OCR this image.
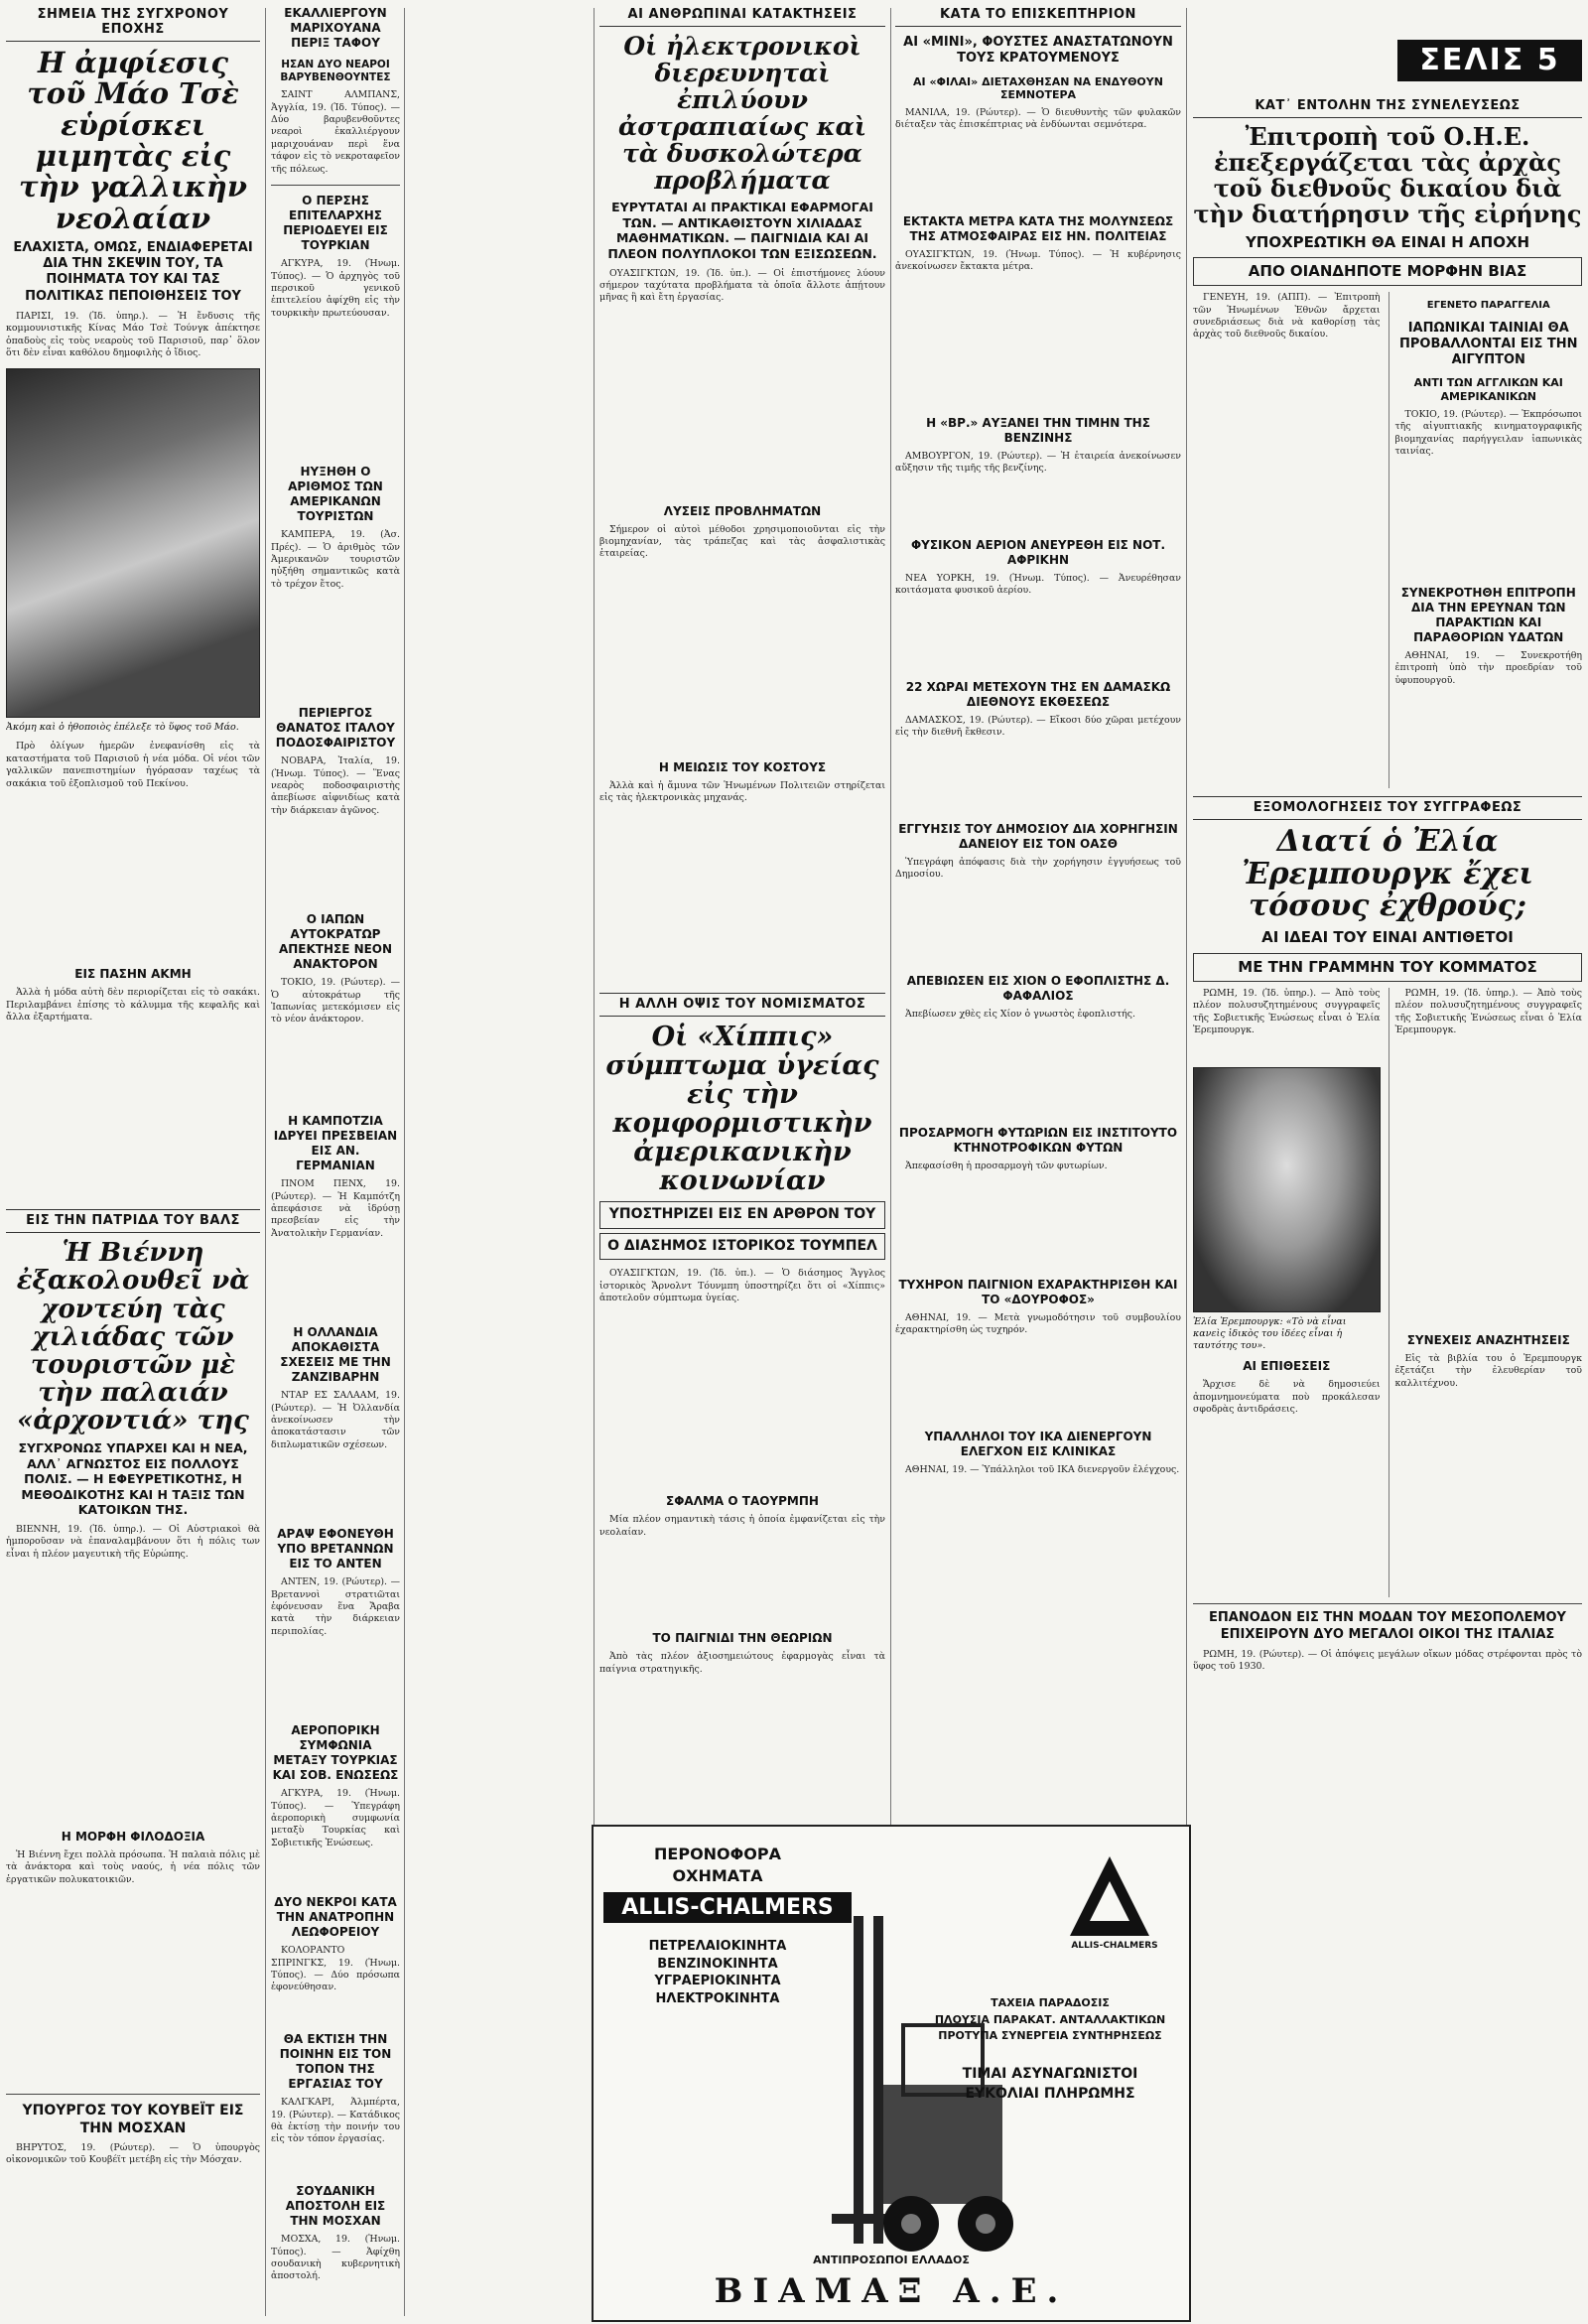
ΣΗΜΕΙΑ ΤΗΣ ΣΥΓΧΡΟΝΟΥ ΕΠΟΧΗΣ
Η ἀμφίεσις τοῦ Μάο Τσὲ εὑρίσκει μιμητὰς εἰς τὴν γαλλικὴν νεολαίαν
ΕΛΑΧΙΣΤΑ, ΟΜΩΣ, ΕΝΔΙΑΦΕΡΕΤΑΙ ΔΙΑ ΤΗΝ ΣΚΕΨΙΝ ΤΟΥ, ΤΑ ΠΟΙΗΜΑΤΑ ΤΟΥ ΚΑΙ ΤΑΣ ΠΟΛΙΤΙΚΑΣ ΠΕΠΟΙΘΗΣΕΙΣ ΤΟΥ

ΠΑΡΙΣΙ, 19. (Ἰδ. ὑπηρ.). — Ἡ ἔνδυσις τῆς κομμουνιστικῆς Κίνας Μάο Τσὲ Τούνγκ ἀπέκτησε ὀπαδοὺς εἰς τοὺς νεαροὺς τοῦ Παρισιοῦ, παρ᾽ ὅλον ὅτι δὲν εἶναι καθόλου δημοφιλὴς ὁ ἴδιος.

Ἀκόμη καὶ ὁ ἠθοποιὸς ἐπέλεξε τὸ ὕφος τοῦ Μάο.

Πρὸ ὀλίγων ἡμερῶν ἐνεφανίσθη εἰς τὰ καταστήματα τοῦ Παρισιοῦ ἡ νέα μόδα. Οἱ νέοι τῶν γαλλικῶν πανεπιστημίων ἠγόρασαν ταχέως τὰ σακάκια τοῦ ἐξοπλισμοῦ τοῦ Πεκίνου.

ΕΙΣ ΠΑΣΗΝ ΑΚΜΗ

Ἀλλὰ ἡ μόδα αὐτὴ δὲν περιορίζεται εἰς τὸ σακάκι. Περιλαμβάνει ἐπίσης τὸ κάλυμμα τῆς κεφαλῆς καὶ ἄλλα ἐξαρτήματα.

ΕΙΣ ΤΗΝ ΠΑΤΡΙΔΑ ΤΟΥ ΒΑΛΣ
Ἡ Βιέννη ἐξακολουθεῖ νὰ χοντεύη τὰς χιλιάδας τῶν τουριστῶν μὲ τὴν παλαιάν «ἀρχοντιά» της
ΣΥΓΧΡΟΝΩΣ ΥΠΑΡΧΕΙ ΚΑΙ Η ΝΕΑ, ΑΛΛ᾽ ΑΓΝΩΣΤΟΣ ΕΙΣ ΠΟΛΛΟΥΣ ΠΟΛΙΣ. — Η ΕΦΕΥΡΕΤΙΚΟΤΗΣ, Η ΜΕΘΟΔΙΚΟΤΗΣ ΚΑΙ Η ΤΑΞΙΣ ΤΩΝ ΚΑΤΟΙΚΩΝ ΤΗΣ.

ΒΙΕΝΝΗ, 19. (Ἰδ. ὑπηρ.). — Οἱ Αὐστριακοὶ θὰ ἠμποροῦσαν νὰ ἐπαναλαμβάνουν ὅτι ἡ πόλις των εἶναι ἡ πλέον μαγευτικὴ τῆς Εὐρώπης.

Η ΜΟΡΦΗ ΦΙΛΟΔΟΞΙΑ

Ἡ Βιέννη ἔχει πολλὰ πρόσωπα. Ἡ παλαιὰ πόλις μὲ τὰ ἀνάκτορα καὶ τοὺς ναούς, ἡ νέα πόλις τῶν ἐργατικῶν πολυκατοικιῶν.

ΥΠΟΥΡΓΟΣ ΤΟΥ ΚΟΥΒΕΪΤ ΕΙΣ ΤΗΝ ΜΟΣΧΑΝ

ΒΗΡΥΤΟΣ, 19. (Ρώυτερ). — Ὁ ὑπουργὸς οἰκονομικῶν τοῦ Κουβέϊτ μετέβη εἰς τὴν Μόσχαν.

ΕΚΑΛΛΙΕΡΓΟΥΝ ΜΑΡΙΧΟΥΑΝΑ ΠΕΡΙΞ ΤΑΦΟΥ
ΗΣΑΝ ΔΥΟ ΝΕΑΡΟΙ ΒΑΡΥΒΕΝΘΟΥΝΤΕΣ

ΣΑΙΝΤ ΑΛΜΠΑΝΣ, Ἀγγλία, 19. (Ἰδ. Τύπος). — Δύο βαρυβενθοῦντες νεαροὶ ἐκαλλιέργουν μαριχουάναν περὶ ἕνα τάφον εἰς τὸ νεκροταφεῖον τῆς πόλεως.

Ο ΠΕΡΣΗΣ ΕΠΙΤΕΛΑΡΧΗΣ ΠΕΡΙΟΔΕΥΕΙ ΕΙΣ ΤΟΥΡΚΙΑΝ

ΑΓΚΥΡΑ, 19. (Ἠνωμ. Τύπος). — Ὁ ἀρχηγὸς τοῦ περσικοῦ γενικοῦ ἐπιτελείου ἀφίχθη εἰς τὴν τουρκικὴν πρωτεύουσαν.

ΗΥΞΗΘΗ Ο ΑΡΙΘΜΟΣ ΤΩΝ ΑΜΕΡΙΚΑΝΩΝ ΤΟΥΡΙΣΤΩΝ

ΚΑΜΠΕΡΑ, 19. (Ἀσ. Πρές). — Ὁ ἀριθμὸς τῶν Ἀμερικανῶν τουριστῶν ηὐξήθη σημαντικῶς κατὰ τὸ τρέχον ἔτος.

ΠΕΡΙΕΡΓΟΣ ΘΑΝΑΤΟΣ ΙΤΑΛΟΥ ΠΟΔΟΣΦΑΙΡΙΣΤΟΥ

ΝΟΒΑΡΑ, Ἰταλία, 19. (Ἠνωμ. Τύπος). — Ἕνας νεαρὸς ποδοσφαιριστὴς ἀπεβίωσε αἰφνιδίως κατὰ τὴν διάρκειαν ἀγῶνος.

Ο ΙΑΠΩΝ ΑΥΤΟΚΡΑΤΩΡ ΑΠΕΚΤΗΣΕ ΝΕΟΝ ΑΝΑΚΤΟΡΟΝ

ΤΟΚΙΟ, 19. (Ρώυτερ). — Ὁ αὐτοκράτωρ τῆς Ἰαπωνίας μετεκόμισεν εἰς τὸ νέον ἀνάκτορον.

Η ΚΑΜΠΟΤΖΙΑ ΙΔΡΥΕΙ ΠΡΕΣΒΕΙΑΝ ΕΙΣ ΑΝ. ΓΕΡΜΑΝΙΑΝ

ΠΝΟΜ ΠΕΝΧ, 19. (Ρώυτερ). — Ἡ Καμπότζη ἀπεφάσισε νὰ ἱδρύσῃ πρεσβείαν εἰς τὴν Ἀνατολικὴν Γερμανίαν.

Η ΟΛΛΑΝΔΙΑ ΑΠΟΚΑΘΙΣΤΑ ΣΧΕΣΕΙΣ ΜΕ ΤΗΝ ΖΑΝΖΙΒΑΡΗΝ

ΝΤΑΡ ΕΣ ΣΑΛΑΑΜ, 19. (Ρώυτερ). — Ἡ Ὀλλανδία ἀνεκοίνωσεν τὴν ἀποκατάστασιν τῶν διπλωματικῶν σχέσεων.

ΑΡΑΨ ΕΦΟΝΕΥΘΗ ΥΠΟ ΒΡΕΤΑΝΝΩΝ ΕΙΣ ΤΟ ΑΝΤΕΝ

ΑΝΤΕΝ, 19. (Ρώυτερ). — Βρεταννοὶ στρατιῶται ἐφόνευσαν ἕνα Ἄραβα κατὰ τὴν διάρκειαν περιπολίας.

ΑΕΡΟΠΟΡΙΚΗ ΣΥΜΦΩΝΙΑ ΜΕΤΑΞΥ ΤΟΥΡΚΙΑΣ ΚΑΙ ΣΟΒ. ΕΝΩΣΕΩΣ

ΑΓΚΥΡΑ, 19. (Ἠνωμ. Τύπος). — Ὑπεγράφη ἀεροπορικὴ συμφωνία μεταξὺ Τουρκίας καὶ Σοβιετικῆς Ἑνώσεως.

ΔΥΟ ΝΕΚΡΟΙ ΚΑΤΑ ΤΗΝ ΑΝΑΤΡΟΠΗΝ ΛΕΩΦΟΡΕΙΟΥ

ΚΟΛΟΡΑΝΤΟ ΣΠΡΙΝΓΚΣ, 19. (Ἠνωμ. Τύπος). — Δύο πρόσωπα ἐφονεύθησαν.

ΘΑ ΕΚΤΙΣΗ ΤΗΝ ΠΟΙΝΗΝ ΕΙΣ ΤΟΝ ΤΟΠΟΝ ΤΗΣ ΕΡΓΑΣΙΑΣ ΤΟΥ

ΚΑΛΓΚΑΡΙ, Ἀλμπέρτα, 19. (Ρώυτερ). — Κατάδικος θὰ ἐκτίσῃ τὴν ποινήν του εἰς τὸν τόπον ἐργασίας.

ΣΟΥΔΑΝΙΚΗ ΑΠΟΣΤΟΛΗ ΕΙΣ ΤΗΝ ΜΟΣΧΑΝ

ΜΟΣΧΑ, 19. (Ἠνωμ. Τύπος). — Ἀφίχθη σουδανικὴ κυβερνητικὴ ἀποστολή.

ΑΙ ΑΝΘΡΩΠΙΝΑΙ ΚΑΤΑΚΤΗΣΕΙΣ
Οἱ ἠλεκτρονικοὶ διερευνηταὶ ἐπιλύουν ἀστραπιαίως καὶ τὰ δυσκολώτερα προβλήματα
ΕΥΡΥΤΑΤΑΙ ΑΙ ΠΡΑΚΤΙΚΑΙ ΕΦΑΡΜΟΓΑΙ ΤΩΝ. — ΑΝΤΙΚΑΘΙΣΤΟΥΝ ΧΙΛΙΑΔΑΣ ΜΑΘΗΜΑΤΙΚΩΝ. — ΠΑΙΓΝΙΔΙΑ ΚΑΙ ΑΙ ΠΛΕΟΝ ΠΟΛΥΠΛΟΚΟΙ ΤΩΝ ΕΞΙΣΩΣΕΩΝ.

ΟΥΑΣΙΓΚΤΩΝ, 19. (Ἰδ. ὑπ.). — Οἱ ἐπιστήμονες λύουν σήμερον ταχύτατα προβλήματα τὰ ὁποῖα ἄλλοτε ἀπῄτουν μῆνας ἢ καὶ ἔτη ἐργασίας.

ΛΥΣΕΙΣ ΠΡΟΒΛΗΜΑΤΩΝ

Σήμερον οἱ αὐτοὶ μέθοδοι χρησιμοποιοῦνται εἰς τὴν βιομηχανίαν, τὰς τράπεζας καὶ τὰς ἀσφαλιστικὰς ἑταιρείας.

Η ΜΕΙΩΣΙΣ ΤΟΥ ΚΟΣΤΟΥΣ

Ἀλλὰ καὶ ἡ ἄμυνα τῶν Ἡνωμένων Πολιτειῶν στηρίζεται εἰς τὰς ἠλεκτρονικὰς μηχανάς.

Η ΑΛΛΗ ΟΨΙΣ ΤΟΥ ΝΟΜΙΣΜΑΤΟΣ
Οἱ «Χίππις» σύμπτωμα ὑγείας εἰς τὴν κομφορμιστικὴν ἀμερικανικὴν κοινωνίαν
ΥΠΟΣΤΗΡΙΖΕΙ ΕΙΣ ΕΝ ΑΡΘΡΟΝ ΤΟΥ
Ο ΔΙΑΣΗΜΟΣ ΙΣΤΟΡΙΚΟΣ ΤΟΥΜΠΕΛ

ΟΥΑΣΙΓΚΤΩΝ, 19. (Ἰδ. ὑπ.). — Ὁ διάσημος Ἄγγλος ἱστορικὸς Ἄρνολντ Τόυνμπη ὑποστηρίζει ὅτι οἱ «Χίππις» ἀποτελοῦν σύμπτωμα ὑγείας.

ΣΦΑΛΜΑ Ο ΤΑΟΥΡΜΠΗ

Μία πλέον σημαντικὴ τάσις ἡ ὁποία ἐμφανίζεται εἰς τὴν νεολαίαν.

ΤΟ ΠΑΙΓΝΙΔΙ ΤΗΝ ΘΕΩΡΙΩΝ

Ἀπὸ τὰς πλέον ἀξιοσημειώτους ἐφαρμογὰς εἶναι τὰ παίγνια στρατηγικῆς.

ΚΑΤΑ ΤΟ ΕΠΙΣΚΕΠΤΗΡΙΟΝ
ΑΙ «ΜΙΝΙ», ΦΟΥΣΤΕΣ ΑΝΑΣΤΑΤΩΝΟΥΝ ΤΟΥΣ ΚΡΑΤΟΥΜΕΝΟΥΣ
ΑΙ «ΦΙΛΑΙ» ΔΙΕΤΑΧΘΗΣΑΝ ΝΑ ΕΝΔΥΘΟΥΝ ΣΕΜΝΟΤΕΡΑ

ΜΑΝΙΛΑ, 19. (Ρώυτερ). — Ὁ διευθυντὴς τῶν φυλακῶν διέταξεν τὰς ἐπισκέπτριας νὰ ἐνδύωνται σεμνότερα.

ΕΚΤΑΚΤΑ ΜΕΤΡΑ ΚΑΤΑ ΤΗΣ ΜΟΛΥΝΣΕΩΣ ΤΗΣ ΑΤΜΟΣΦΑΙΡΑΣ ΕΙΣ ΗΝ. ΠΟΛΙΤΕΙΑΣ

ΟΥΑΣΙΓΚΤΩΝ, 19. (Ἠνωμ. Τύπος). — Ἡ κυβέρνησις ἀνεκοίνωσεν ἔκτακτα μέτρα.

Η «ΒΡ.» ΑΥΞΑΝΕΙ ΤΗΝ ΤΙΜΗΝ ΤΗΣ ΒΕΝΖΙΝΗΣ

ΑΜΒΟΥΡΓΟΝ, 19. (Ρώυτερ). — Ἡ ἑταιρεία ἀνεκοίνωσεν αὔξησιν τῆς τιμῆς τῆς βενζίνης.

ΦΥΣΙΚΟΝ ΑΕΡΙΟΝ ΑΝΕΥΡΕΘΗ ΕΙΣ ΝΟΤ. ΑΦΡΙΚΗΝ

ΝΕΑ ΥΟΡΚΗ, 19. (Ἠνωμ. Τύπος). — Ἀνευρέθησαν κοιτάσματα φυσικοῦ ἀερίου.

22 ΧΩΡΑΙ ΜΕΤΕΧΟΥΝ ΤΗΣ ΕΝ ΔΑΜΑΣΚΩ ΔΙΕΘΝΟΥΣ ΕΚΘΕΣΕΩΣ

ΔΑΜΑΣΚΟΣ, 19. (Ρώυτερ). — Εἴκοσι δύο χῶραι μετέχουν εἰς τὴν διεθνῆ ἔκθεσιν.

ΕΓΓΥΗΣΙΣ ΤΟΥ ΔΗΜΟΣΙΟΥ ΔΙΑ ΧΟΡΗΓΗΣΙΝ ΔΑΝΕΙΟΥ ΕΙΣ ΤΟΝ ΟΑΣΘ

Ὑπεγράφη ἀπόφασις διὰ τὴν χορήγησιν ἐγγυήσεως τοῦ Δημοσίου.

ΑΠΕΒΙΩΣΕΝ ΕΙΣ ΧΙΟΝ Ο ΕΦΟΠΛΙΣΤΗΣ Δ. ΦΑΦΑΛΙΟΣ

Ἀπεβίωσεν χθὲς εἰς Χίον ὁ γνωστὸς ἐφοπλιστής.

ΠΡΟΣΑΡΜΟΓΗ ΦΥΤΩΡΙΩΝ ΕΙΣ ΙΝΣΤΙΤΟΥΤΟ ΚΤΗΝΟΤΡΟΦΙΚΩΝ ΦΥΤΩΝ

Ἀπεφασίσθη ἡ προσαρμογὴ τῶν φυτωρίων.

ΤΥΧΗΡΟΝ ΠΑΙΓΝΙΟΝ ΕΧΑΡΑΚΤΗΡΙΣΘΗ ΚΑΙ ΤΟ «ΔΟΥΡΟΦΟΣ»

ΑΘΗΝΑΙ, 19. — Μετὰ γνωμοδότησιν τοῦ συμβουλίου ἐχαρακτηρίσθη ὡς τυχηρόν.

ΥΠΑΛΛΗΛΟΙ ΤΟΥ ΙΚΑ ΔΙΕΝΕΡΓΟΥΝ ΕΛΕΓΧΟΝ ΕΙΣ ΚΛΙΝΙΚΑΣ

ΑΘΗΝΑΙ, 19. — Ὑπάλληλοι τοῦ ΙΚΑ διενεργοῦν ἐλέγχους.

ΣΕΛΙΣ 5
ΚΑΤ᾽ ΕΝΤΟΛΗΝ ΤΗΣ ΣΥΝΕΛΕΥΣΕΩΣ
Ἐπιτροπὴ τοῦ Ο.Η.Ε. ἐπεξεργάζεται τὰς ἀρχὰς τοῦ διεθνοῦς δικαίου διὰ τὴν διατήρησιν τῆς εἰρήνης
ΥΠΟΧΡΕΩΤΙΚΗ ΘΑ ΕΙΝΑΙ Η ΑΠΟΧΗ
ΑΠΟ ΟΙΑΝΔΗΠΟΤΕ ΜΟΡΦΗΝ ΒΙΑΣ

ΓΕΝΕΥΗ, 19. (ΑΠΠ). — Ἐπιτροπὴ τῶν Ἡνωμένων Ἐθνῶν ἄρχεται συνεδριάσεως διὰ νὰ καθορίσῃ τὰς ἀρχὰς τοῦ διεθνοῦς δικαίου.

ΕΓΕΝΕΤΟ ΠΑΡΑΓΓΕΛΙΑ
ΙΑΠΩΝΙΚΑΙ ΤΑΙΝΙΑΙ ΘΑ ΠΡΟΒΑΛΛΟΝΤΑΙ ΕΙΣ ΤΗΝ ΑΙΓΥΠΤΟΝ
ΑΝΤΙ ΤΩΝ ΑΓΓΛΙΚΩΝ ΚΑΙ ΑΜΕΡΙΚΑΝΙΚΩΝ

ΤΟΚΙΟ, 19. (Ρώυτερ). — Ἐκπρόσωποι τῆς αἰγυπτιακῆς κινηματογραφικῆς βιομηχανίας παρήγγειλαν ἰαπωνικὰς ταινίας.

ΣΥΝΕΚΡΟΤΗΘΗ ΕΠΙΤΡΟΠΗ ΔΙΑ ΤΗΝ ΕΡΕΥΝΑΝ ΤΩΝ ΠΑΡΑΚΤΙΩΝ ΚΑΙ ΠΑΡΑΘΟΡΙΩΝ ΥΔΑΤΩΝ

ΑΘΗΝΑΙ, 19. — Συνεκροτήθη ἐπιτροπὴ ὑπὸ τὴν προεδρίαν τοῦ ὑφυπουργοῦ.

ΕΞΟΜΟΛΟΓΗΣΕΙΣ ΤΟΥ ΣΥΓΓΡΑΦΕΩΣ
Διατί ὁ Ἐλία Ἐρεμπουργκ ἔχει τόσους ἐχθρούς;
ΑΙ ΙΔΕΑΙ ΤΟΥ ΕΙΝΑΙ ΑΝΤΙΘΕΤΟΙ
ΜΕ ΤΗΝ ΓΡΑΜΜΗΝ ΤΟΥ ΚΟΜΜΑΤΟΣ

ΡΩΜΗ, 19. (Ἰδ. ὑπηρ.). — Ἀπὸ τοὺς πλέον πολυσυζητημένους συγγραφεῖς τῆς Σοβιετικῆς Ἑνώσεως εἶναι ὁ Ἐλία Ἐρεμπουργκ.

Ἐλία Ἐρεμπουργκ: «Τὸ νὰ εἶναι κανεὶς ἰδικὸς του ἰδέες εἶναι ἡ ταυτότης του».
ΑΙ ΕΠΙΘΕΣΕΙΣ

Ἄρχισε δὲ νὰ δημοσιεύει ἀπομνημονεύματα ποὺ προκάλεσαν σφοδρὰς ἀντιδράσεις.

ΡΩΜΗ, 19. (Ἰδ. ὑπηρ.). — Ἀπὸ τοὺς πλέον πολυσυζητημένους συγγραφεῖς τῆς Σοβιετικῆς Ἑνώσεως εἶναι ὁ Ἐλία Ἐρεμπουργκ.

ΣΥΝΕΧΕΙΣ ΑΝΑΖΗΤΗΣΕΙΣ

Εἰς τὰ βιβλία του ὁ Ἐρεμπουργκ ἐξετάζει τὴν ἐλευθερίαν τοῦ καλλιτέχνου.

ΕΠΑΝΟΔΟΝ ΕΙΣ ΤΗΝ ΜΟΔΑΝ ΤΟΥ ΜΕΣΟΠΟΛΕΜΟΥ ΕΠΙΧΕΙΡΟΥΝ ΔΥΟ ΜΕΓΑΛΟΙ ΟΙΚΟΙ ΤΗΣ ΙΤΑΛΙΑΣ

ΡΩΜΗ, 19. (Ρώυτερ). — Οἱ ἀπόψεις μεγάλων οἴκων μόδας στρέφονται πρὸς τὸ ὕφος τοῦ 1930.

ΠΕΡΟΝΟΦΟΡΑ
ΟΧΗΜΑΤΑ
ALLIS-CHALMERS
ΠΕΤΡΕΛΑΙΟΚΙΝΗΤΑ
ΒΕΝΖΙΝΟΚΙΝΗΤΑ
ΥΓΡΑΕΡΙΟΚΙΝΗΤΑ
ΗΛΕΚΤΡΟΚΙΝΗΤΑ	ΤΑΧΕΙΑ ΠΑΡΑΔΟΣΙΣ
ΠΛΟΥΣΙΑ ΠΑΡΑΚΑΤ. ΑΝΤΑΛΛΑΚΤΙΚΩΝ
ΠΡΟΤΥΠΑ ΣΥΝΕΡΓΕΙΑ ΣΥΝΤΗΡΗΣΕΩΣ
ΤΙΜΑΙ ΑΣΥΝΑΓΩΝΙΣΤΟΙ
ΕΥΚΟΛΙΑΙ ΠΛΗΡΩΜΗΣ
ALLIS-CHALMERS
ΑΝΤΙΠΡΟΣΩΠΟΙ ΕΛΛΑΔΟΣ
ΒΙΑΜΑΞ Α.Ε.
